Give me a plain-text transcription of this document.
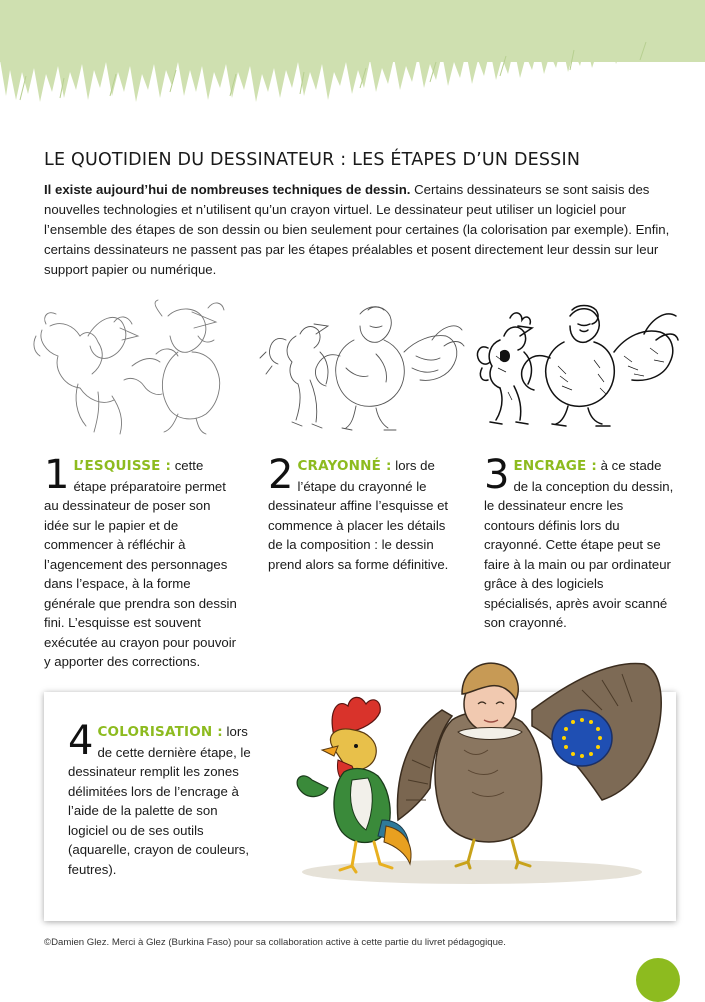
LE QUOTIDIEN DU DESSINATEUR : LES ÉTAPES D’UN DESSIN

Il existe aujourd’hui de nombreuses techniques de dessin. Certains dessinateurs se sont saisis des nouvelles technologies et n’utilisent qu’un crayon virtuel. Le dessinateur peut utiliser un logiciel pour l’ensemble des étapes de son dessin ou bien seulement pour certaines (la colorisation par exemple). Enfin, certains dessinateurs ne passent pas par les étapes préalables et posent directement leur dessin sur leur support papier ou numérique.

1 L’ESQUISSE : cette étape préparatoire permet au dessinateur de poser son idée sur le papier et de commencer à réfléchir à l’agencement des personnages dans l’espace, à la forme générale que prendra son dessin fini. L’esquisse est souvent exécutée au crayon pour pouvoir y apporter des corrections.
2 CRAYONNÉ : lors de l’étape du crayonné le dessinateur affine l’esquisse et commence à placer les détails de la composition : le dessin prend alors sa forme définitive.
3 ENCRAGE : à ce stade de la conception du dessin, le dessinateur encre les contours définis lors du crayonné. Cette étape peut se faire à la main ou par ordinateur grâce à des logiciels spécialisés, après avoir scanné son crayonné.
4 COLORISATION : lors de cette dernière étape, le dessinateur remplit les zones délimitées lors de l’encrage à l’aide de la palette de son logiciel ou de ses outils (aquarelle, crayon de couleurs, feutres).

©Damien Glez. Merci à Glez (Burkina Faso) pour sa collaboration active à cette partie du livret pédagogique.
